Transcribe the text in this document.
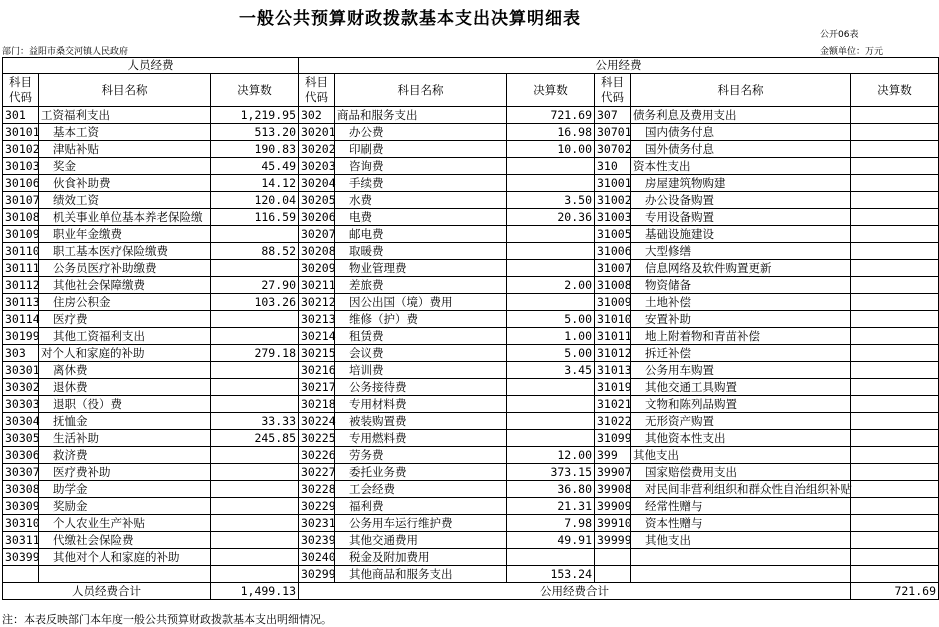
一般公共预算财政拨款基本支出决算明细表
公开06表
部门：益阳市桑交河镇人民政府	金额单位：万元
人员经费			公用经费					

科目
代码	科目名称	决算数	科目
代码	科目名称	决算数	科目
代码	科目名称	决算数
301	工资福利支出	1,219.95	302	商品和服务支出	721.69	307	债务利息及费用支出	
30101	基本工资	513.20	30201	办公费	16.98	30701	国内债务付息	
30102	津贴补贴	190.83	30202	印刷费	10.00	30702	国外债务付息	
30103	奖金	45.49	30203	咨询费		310	资本性支出	
30106	伙食补助费	14.12	30204	手续费		31001	房屋建筑物购建	
30107	绩效工资	120.04	30205	水费	3.50	31002	办公设备购置	
30108	机关事业单位基本养老保险缴	116.59	30206	电费	20.36	31003	专用设备购置	
30109	职业年金缴费		30207	邮电费		31005	基础设施建设	
30110	职工基本医疗保险缴费	88.52	30208	取暖费		31006	大型修缮	
30111	公务员医疗补助缴费		30209	物业管理费		31007	信息网络及软件购置更新	
30112	其他社会保障缴费	27.90	30211	差旅费	2.00	31008	物资储备	
30113	住房公积金	103.26	30212	因公出国（境）费用		31009	土地补偿	
30114	医疗费		30213	维修（护）费	5.00	31010	安置补助	
30199	其他工资福利支出		30214	租赁费	1.00	31011	地上附着物和青苗补偿	
303	对个人和家庭的补助	279.18	30215	会议费	5.00	31012	拆迁补偿	
30301	离休费		30216	培训费	3.45	31013	公务用车购置	
30302	退休费		30217	公务接待费		31019	其他交通工具购置	
30303	退职（役）费		30218	专用材料费		31021	文物和陈列品购置	
30304	抚恤金	33.33	30224	被装购置费		31022	无形资产购置	
30305	生活补助	245.85	30225	专用燃料费		31099	其他资本性支出	
30306	救济费		30226	劳务费	12.00	399	其他支出	
30307	医疗费补助		30227	委托业务费	373.15	39907	国家赔偿费用支出	
30308	助学金		30228	工会经费	36.80	39908	对民间非营利组织和群众性自治组织补贴	
30309	奖励金		30229	福利费	21.31	39909	经常性赠与	
30310	个人农业生产补贴		30231	公务用车运行维护费	7.98	39910	资本性赠与	
30311	代缴社会保险费		30239	其他交通费用	49.91	39999	其他支出	
30399	其他对个人和家庭的补助		30240	税金及附加费用				
			30299	其他商品和服务支出	153.24			
人员经费合计		1,499.13	公用经费合计					721.69
注：本表反映部门本年度一般公共预算财政拨款基本支出明细情况。
